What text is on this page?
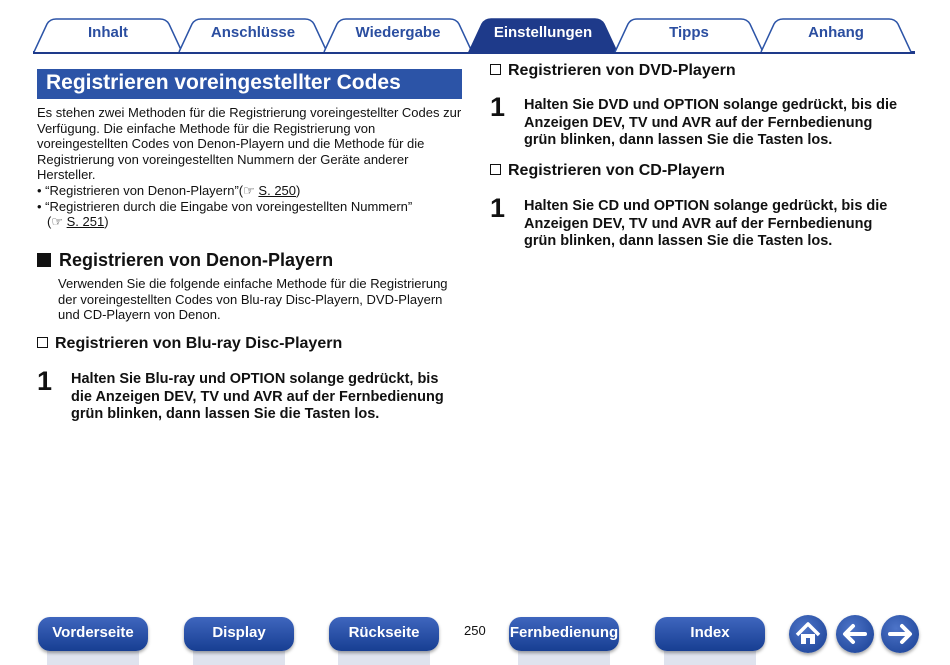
Inhalt	Anschlüsse	Wiedergabe	Einstellungen	Tipps	Anhang
Registrieren voreingestellter Codes
Es stehen zwei Methoden für die Registrierung voreingestellter Codes zur
Verfügung. Die einfache Methode für die Registrierung von
voreingestellten Codes von Denon-Playern und die Methode für die
Registrierung von voreingestellten Nummern der Geräte anderer
Hersteller.
• “Registrieren von Denon-Playern”(☞ S. 250)
• “Registrieren durch die Eingabe von voreingestellten Nummern”
(☞ S. 251)
Registrieren von Denon-Playern
Verwenden Sie die folgende einfache Methode für die Registrierung
der voreingestellten Codes von Blu-ray Disc-Playern, DVD-Playern
und CD-Playern von Denon.
Registrieren von Blu-ray Disc-Playern
1 Halten Sie Blu-ray und OPTION solange gedrückt, bis
die Anzeigen DEV, TV und AVR auf der Fernbedienung
grün blinken, dann lassen Sie die Tasten los.
Registrieren von DVD-Playern
1 Halten Sie DVD und OPTION solange gedrückt, bis die
Anzeigen DEV, TV und AVR auf der Fernbedienung
grün blinken, dann lassen Sie die Tasten los.
Registrieren von CD-Playern
1 Halten Sie CD und OPTION solange gedrückt, bis die
Anzeigen DEV, TV und AVR auf der Fernbedienung
grün blinken, dann lassen Sie die Tasten los.
Vorderseite	Display	Rückseite	250 Fernbedienung	Index
